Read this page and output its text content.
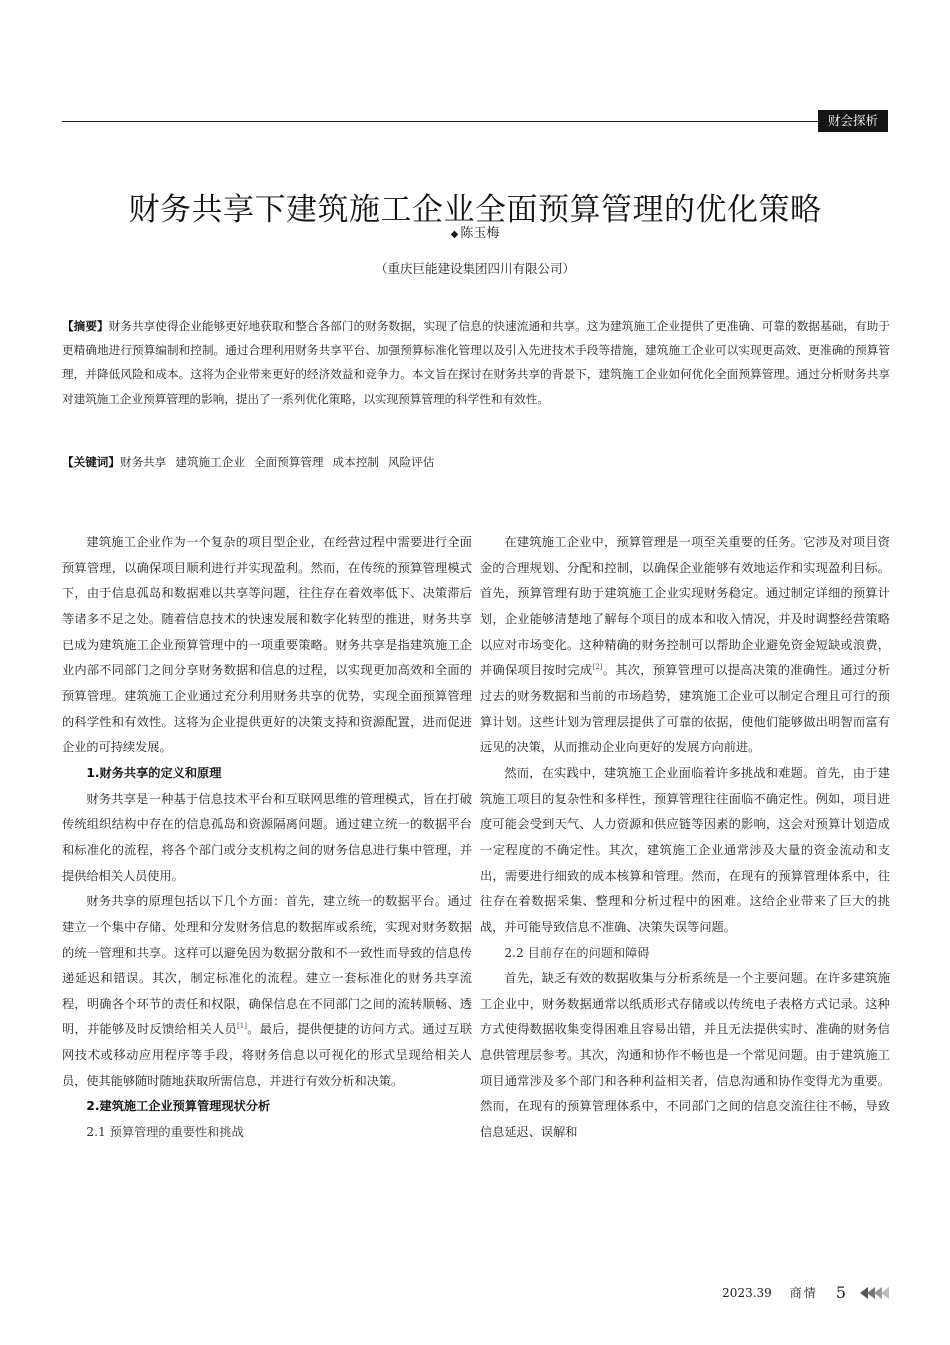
财会探析
财务共享下建筑施工企业全面预算管理的优化策略
◆ 陈玉梅
（重庆巨能建设集团四川有限公司）
【摘要】财务共享使得企业能够更好地获取和整合各部门的财务数据，实现了信息的快速流通和共享。这为建筑施工企业提供了更准确、可靠的数据基础，有助于更精确地进行预算编制和控制。通过合理利用财务共享平台、加强预算标准化管理以及引入先进技术手段等措施，建筑施工企业可以实现更高效、更准确的预算管理，并降低风险和成本。这将为企业带来更好的经济效益和竞争力。本文旨在探讨在财务共享的背景下，建筑施工企业如何优化全面预算管理。通过分析财务共享对建筑施工企业预算管理的影响，提出了一系列优化策略，以实现预算管理的科学性和有效性。
【关键词】财务共享 建筑施工企业 全面预算管理 成本控制 风险评估

建筑施工企业作为一个复杂的项目型企业，在经营过程中需要进行全面预算管理，以确保项目顺利进行并实现盈利。然而，在传统的预算管理模式下，由于信息孤岛和数据难以共享等问题，往往存在着效率低下、决策滞后等诸多不足之处。随着信息技术的快速发展和数字化转型的推进，财务共享已成为建筑施工企业预算管理中的一项重要策略。财务共享是指建筑施工企业内部不同部门之间分享财务数据和信息的过程，以实现更加高效和全面的预算管理。建筑施工企业通过充分利用财务共享的优势，实现全面预算管理的科学性和有效性。这将为企业提供更好的决策支持和资源配置，进而促进企业的可持续发展。

1.财务共享的定义和原理

财务共享是一种基于信息技术平台和互联网思维的管理模式，旨在打破传统组织结构中存在的信息孤岛和资源隔离问题。通过建立统一的数据平台和标准化的流程，将各个部门或分支机构之间的财务信息进行集中管理，并提供给相关人员使用。

财务共享的原理包括以下几个方面：首先，建立统一的数据平台。通过建立一个集中存储、处理和分发财务信息的数据库或系统，实现对财务数据的统一管理和共享。这样可以避免因为数据分散和不一致性而导致的信息传递延迟和错误。其次，制定标准化的流程。建立一套标准化的财务共享流程，明确各个环节的责任和权限，确保信息在不同部门之间的流转顺畅、透明，并能够及时反馈给相关人员[1]。最后，提供便捷的访问方式。通过互联网技术或移动应用程序等手段，将财务信息以可视化的形式呈现给相关人员，使其能够随时随地获取所需信息，并进行有效分析和决策。

2.建筑施工企业预算管理现状分析
2.1 预算管理的重要性和挑战

在建筑施工企业中，预算管理是一项至关重要的任务。它涉及对项目资金的合理规划、分配和控制，以确保企业能够有效地运作和实现盈利目标。首先，预算管理有助于建筑施工企业实现财务稳定。通过制定详细的预算计划，企业能够清楚地了解每个项目的成本和收入情况，并及时调整经营策略以应对市场变化。这种精确的财务控制可以帮助企业避免资金短缺或浪费，并确保项目按时完成[2]。其次，预算管理可以提高决策的准确性。通过分析过去的财务数据和当前的市场趋势，建筑施工企业可以制定合理且可行的预算计划。这些计划为管理层提供了可靠的依据，使他们能够做出明智而富有远见的决策，从而推动企业向更好的发展方向前进。

然而，在实践中，建筑施工企业面临着许多挑战和难题。首先，由于建筑施工项目的复杂性和多样性，预算管理往往面临不确定性。例如，项目进度可能会受到天气、人力资源和供应链等因素的影响，这会对预算计划造成一定程度的不确定性。其次，建筑施工企业通常涉及大量的资金流动和支出，需要进行细致的成本核算和管理。然而，在现有的预算管理体系中，往往存在着数据采集、整理和分析过程中的困难。这给企业带来了巨大的挑战，并可能导致信息不准确、决策失误等问题。

2.2 目前存在的问题和障碍

首先，缺乏有效的数据收集与分析系统是一个主要问题。在许多建筑施工企业中，财务数据通常以纸质形式存储或以传统电子表格方式记录。这种方式使得数据收集变得困难且容易出错，并且无法提供实时、准确的财务信息供管理层参考。其次，沟通和协作不畅也是一个常见问题。由于建筑施工项目通常涉及多个部门和各种利益相关者，信息沟通和协作变得尤为重要。然而，在现有的预算管理体系中，不同部门之间的信息交流往往不畅，导致信息延迟、误解和

2023.39 商情 5
